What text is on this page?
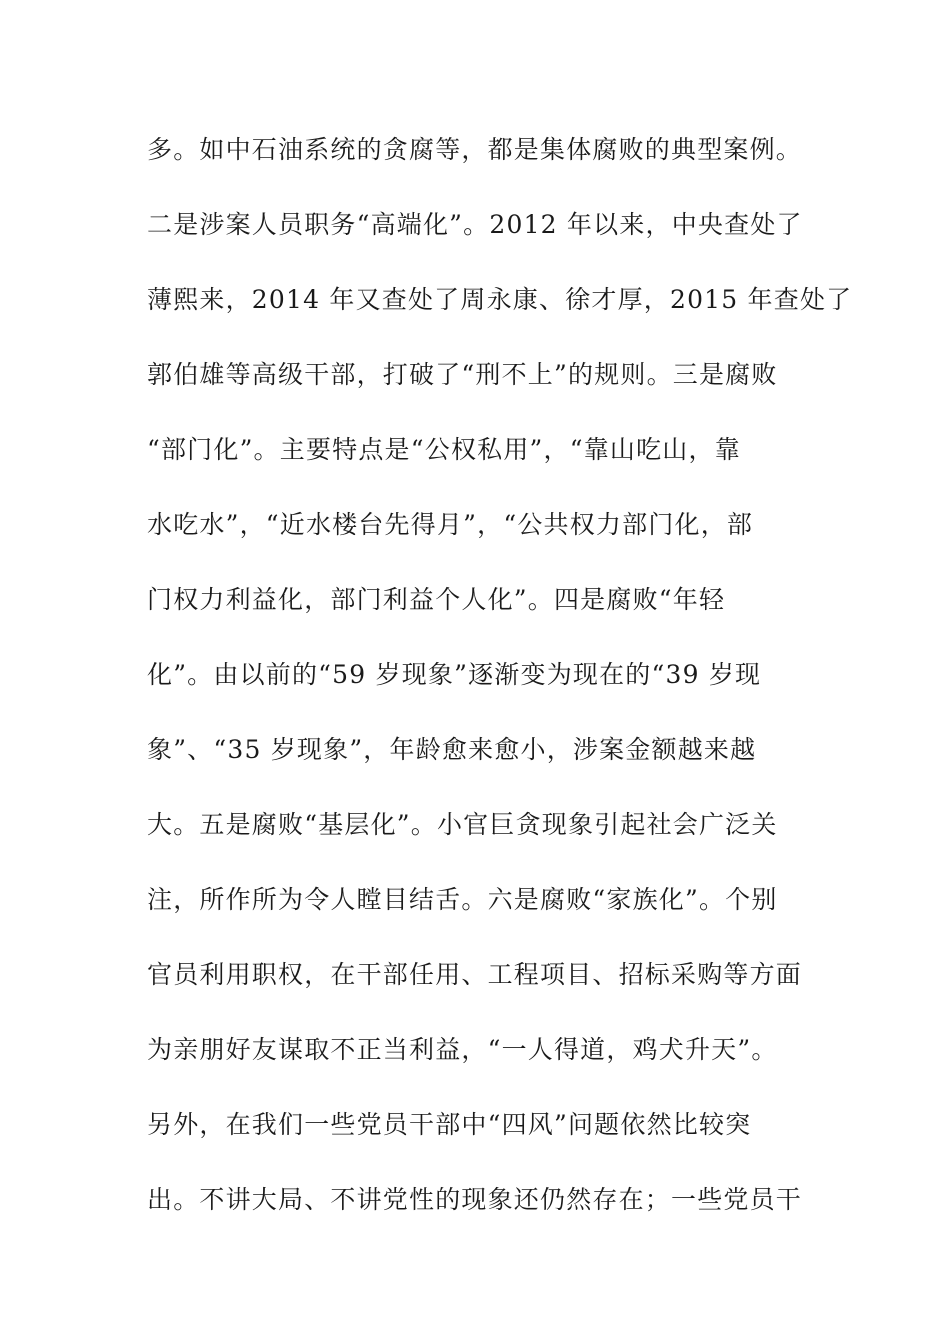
多。如中石油系统的贪腐等，都是集体腐败的典型案例。
二是涉案人员职务“高端化”。2012 年以来，中央查处了
薄熙来，2014 年又查处了周永康、徐才厚，2015 年查处了
郭伯雄等高级干部，打破了“刑不上”的规则。三是腐败
“部门化”。主要特点是“公权私用”，“靠山吃山，靠
水吃水”，“近水楼台先得月”，“公共权力部门化，部
门权力利益化，部门利益个人化”。四是腐败“年轻
化”。由以前的“59 岁现象”逐渐变为现在的“39 岁现
象”、“35 岁现象”，年龄愈来愈小，涉案金额越来越
大。五是腐败“基层化”。小官巨贪现象引起社会广泛关
注，所作所为令人瞠目结舌。六是腐败“家族化”。个别
官员利用职权，在干部任用、工程项目、招标采购等方面
为亲朋好友谋取不正当利益，“一人得道，鸡犬升天”。
另外，在我们一些党员干部中“四风”问题依然比较突
出。不讲大局、不讲党性的现象还仍然存在；一些党员干
